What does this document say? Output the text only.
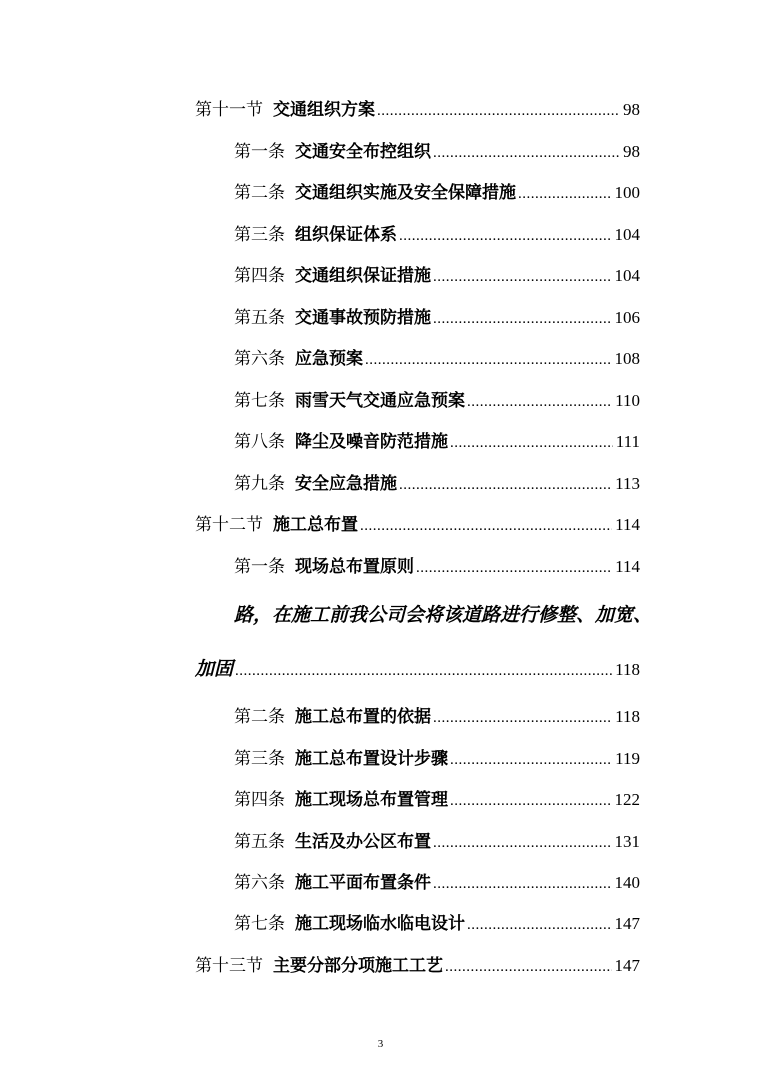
第十一节 交通组织方案 .....	98
第一条 交通安全布控组织 .....	98
第二条 交通组织实施及安全保障措施 .....	100
第三条 组织保证体系 .....	104
第四条 交通组织保证措施 .....	104
第五条 交通事故预防措施 .....	106
第六条 应急预案 .....	108
第七条 雨雪天气交通应急预案 .....	110
第八条 降尘及噪音防范措施 .....	111
第九条 安全应急措施 .....	113
第十二节 施工总布置 .....	114
第一条 现场总布置原则 .....	114
路，在施工前我公司会将该道路进行修整、加宽、
加固 .....	118
第二条 施工总布置的依据 .....	118
第三条 施工总布置设计步骤 .....	119
第四条 施工现场总布置管理 .....	122
第五条 生活及办公区布置 .....	131
第六条 施工平面布置条件 .....	140
第七条 施工现场临水临电设计 .....	147
第十三节 主要分部分项施工工艺 .....	147
3
